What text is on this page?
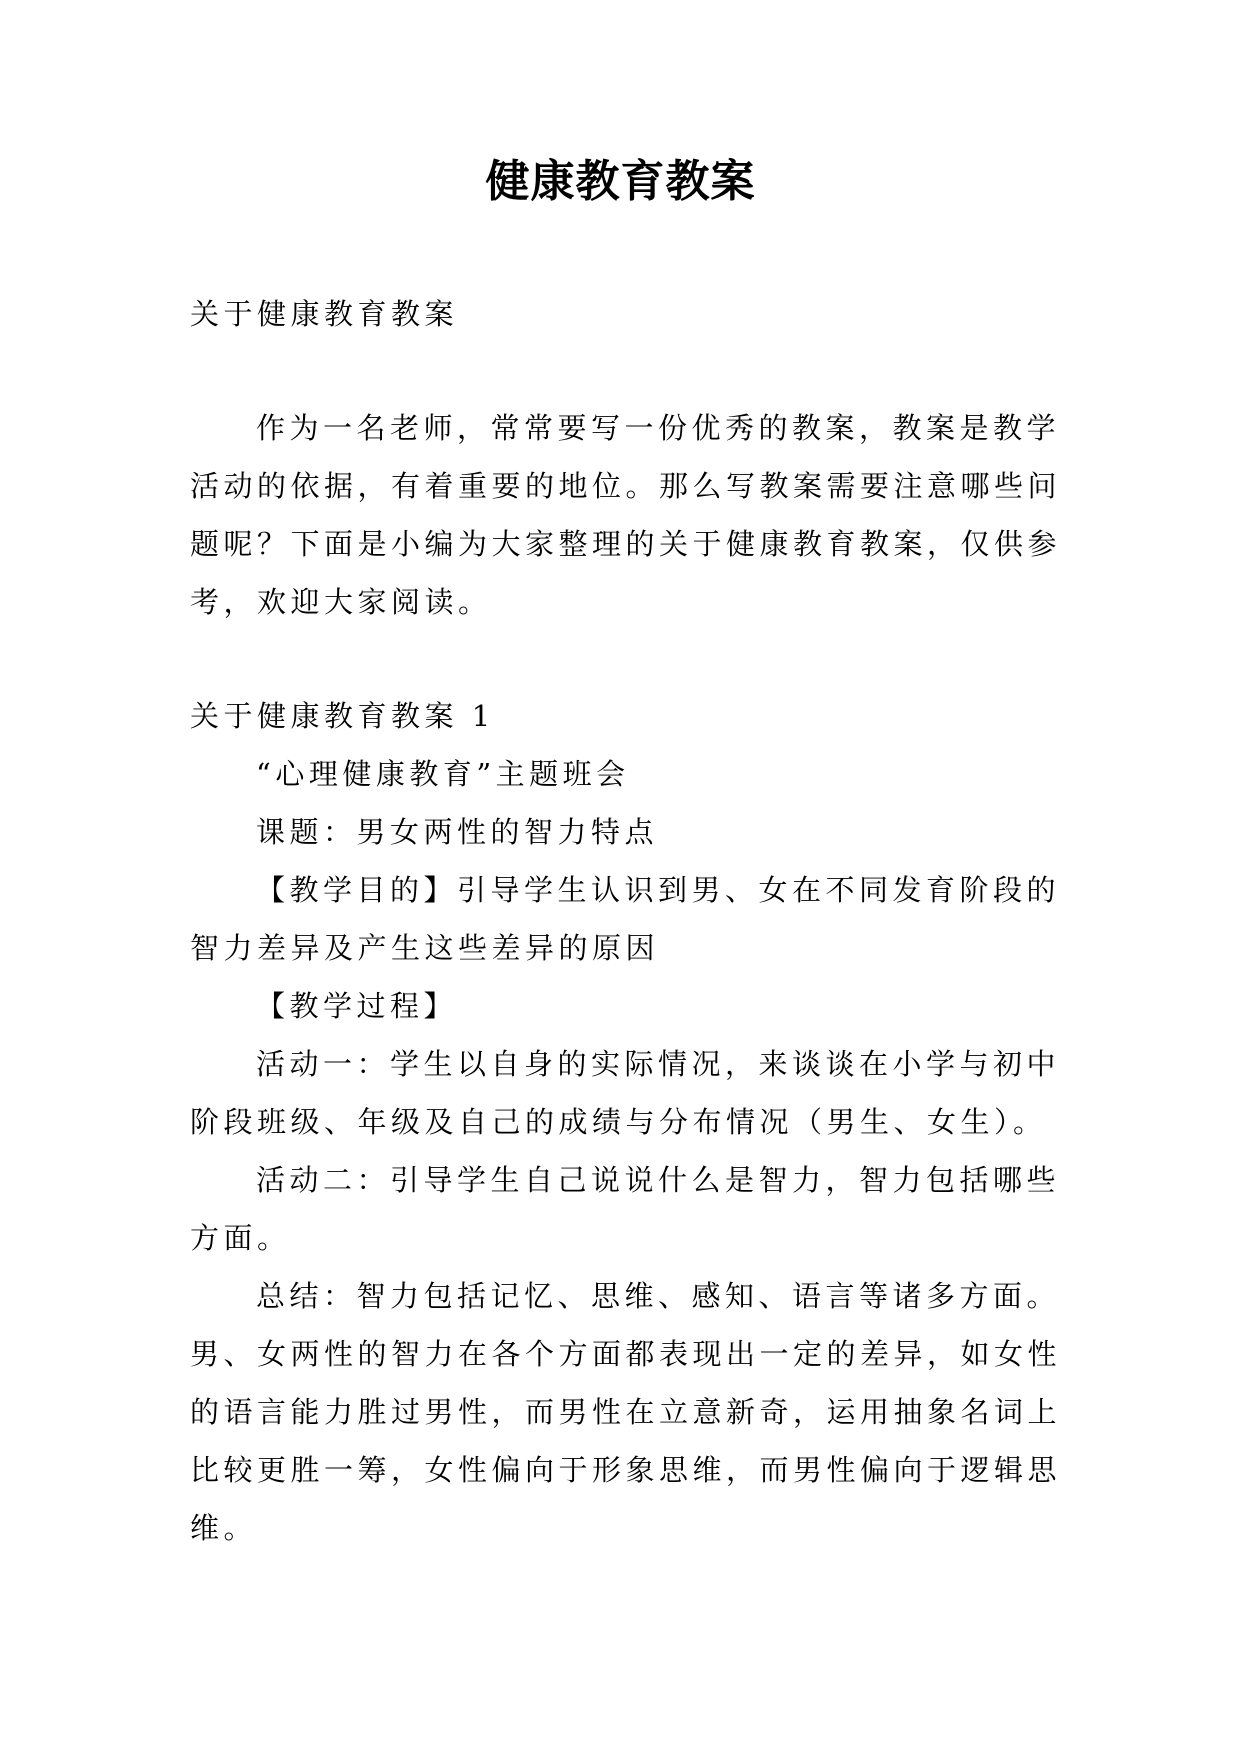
健康教育教案

关于健康教育教案

作为一名老师，常常要写一份优秀的教案，教案是教学

活动的依据，有着重要的地位。那么写教案需要注意哪些问

题呢？下面是小编为大家整理的关于健康教育教案，仅供参

考，欢迎大家阅读。

关于健康教育教案 1

“心理健康教育”主题班会

课题：男女两性的智力特点

【教学目的】引导学生认识到男、女在不同发育阶段的

智力差异及产生这些差异的原因

【教学过程】

活动一：学生以自身的实际情况，来谈谈在小学与初中

阶段班级、年级及自己的成绩与分布情况（男生、女生）。

活动二：引导学生自己说说什么是智力，智力包括哪些

方面。

总结：智力包括记忆、思维、感知、语言等诸多方面。

男、女两性的智力在各个方面都表现出一定的差异，如女性

的语言能力胜过男性，而男性在立意新奇，运用抽象名词上

比较更胜一筹，女性偏向于形象思维，而男性偏向于逻辑思

维。
